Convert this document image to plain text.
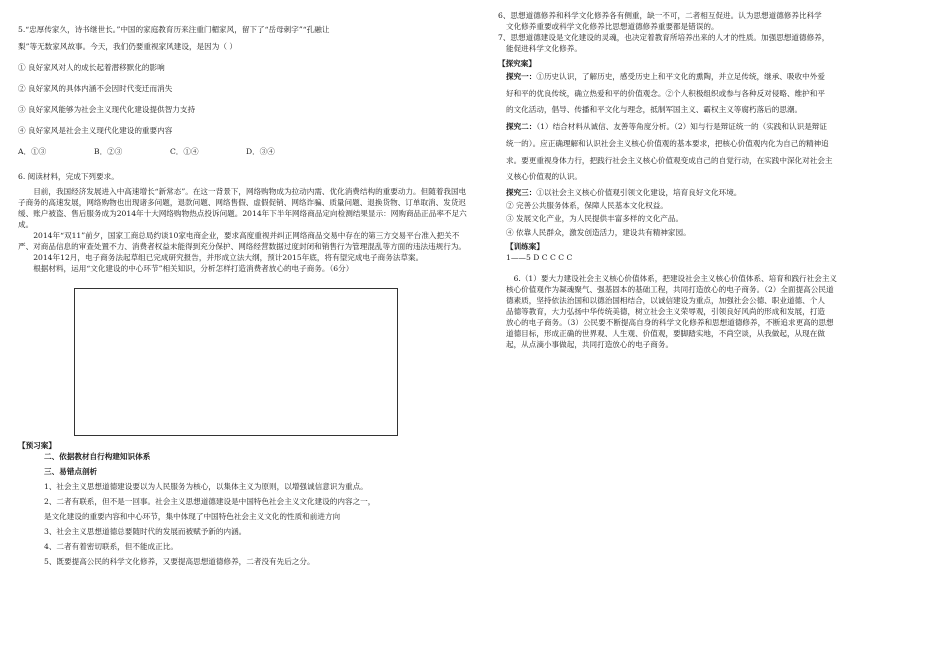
5.“忠厚传家久，诗书继世长。”中国的家庭教育历来注重门楣家风，留下了“岳母刺字”“孔融让

梨”等无数家风故事。今天，我们仍要重视家风建设，是因为（ ）

① 良好家风对人的成长起着潜移默化的影响

② 良好家风的具体内涵不会因时代变迁而消失

③ 良好家风能够为社会主义现代化建设提供智力支持

④ 良好家风是社会主义现代化建设的重要内容

A．①③	B．②③	C．①④	D．③④

6. 阅读材料，完成下列要求。

目前，我国经济发展进入中高速增长“新常态”。在这一背景下，网络购物成为拉动内需、优化消费结构的重要动力。但随着我国电子商务的高速发展，网络购物也出现诸多问题，退款问题、网络售假、虚假促销、网络诈骗、质量问题、退换货物、订单取消、发货迟缓、账户被盗、售后服务成为2014年十大网络购物热点投诉问题。2014年下半年网络商品定向检测结果显示：网购商品正品率不足六成。

2014年“双11”前夕，国家工商总局约谈10家电商企业，要求高度重视并纠正网络商品交易中存在的第三方交易平台准入把关不严、对商品信息的审查处置不力、消费者权益未能得到充分保护、网络经营数据过度封闭和销售行为管理混乱等方面的违法违规行为。

2014年12月，电子商务法起草组已完成研究报告，并形成立法大纲，预计2015年底，将有望完成电子商务法草案。

根据材料，运用“文化建设的中心环节”相关知识，分析怎样打造消费者放心的电子商务。（6分）

【预习案】

二、依据教材自行构建知识体系

三、易错点剖析

1、社会主义思想道德建设要以为人民服务为核心，以集体主义为原则，以增强诚信意识为重点。

2、二者有联系，但不是一回事。社会主义思想道德建设是中国特色社会主义文化建设的内容之一，

是文化建设的重要内容和中心环节，集中体现了中国特色社会主义文化的性质和前进方向

3、社会主义思想道德总要随时代的发展而被赋予新的内涵。

4、二者有着密切联系，但不能成正比。

5、既要提高公民的科学文化修养，又要提高思想道德修养，二者没有先后之分。

6、思想道德修养和科学文化修养各有侧重，缺一不可，二者相互促进。认为思想道德修养比科学

文化修养重要或科学文化修养比思想道德修养重要都是错误的。

7、思想道德建设是文化建设的灵魂，也决定着教育所培养出来的人才的性质。加强思想道德修养，

能促进科学文化修养。

【探究案】

探究一：①历史认识，了解历史，感受历史上和平文化的熏陶，并立足传统，继承、吸收中外爱

好和平的优良传统，确立热爱和平的价值观念。②个人积极组织或参与各种反对侵略、维护和平

的文化活动，倡导、传播和平文化与理念，抵制军国主义、霸权主义等腐朽落后的思潮。

探究二：（1）结合材料从诚信、友善等角度分析。（2）知与行是辩证统一的（实践和认识是辩证

统一的）。应正确理解和认识社会主义核心价值观的基本要求，把核心价值观内化为自己的精神追

求。要更重视身体力行，把践行社会主义核心价值观变成自己的自觉行动，在实践中深化对社会主

义核心价值观的认识。

探究三：①以社会主义核心价值观引领文化建设，培育良好文化环境。

② 完善公共服务体系，保障人民基本文化权益。

③ 发展文化产业，为人民提供丰富多样的文化产品。

④ 依靠人民群众，激发创造活力，建设共有精神家园。

【训练案】

1——5 D C C C C

6.（1）要大力建设社会主义核心价值体系，把建设社会主义核心价值体系、培育和践行社会主义

核心价值观作为凝魂聚气、强基固本的基础工程，共同打造放心的电子商务。（2）全面提高公民道

德素质，坚持依法治国和以德治国相结合，以诚信建设为重点，加强社会公德、职业道德、个人

品德等教育，大力弘扬中华传统美德，树立社会主义荣辱观，引领良好风尚的形成和发展，打造

放心的电子商务。（3）公民要不断提高自身的科学文化修养和思想道德修养，不断追求更高的思想

道德目标，形成正确的世界观、人生观、价值观，要脚踏实地，不尚空谈，从我做起，从现在做

起，从点滴小事做起，共同打造放心的电子商务。
